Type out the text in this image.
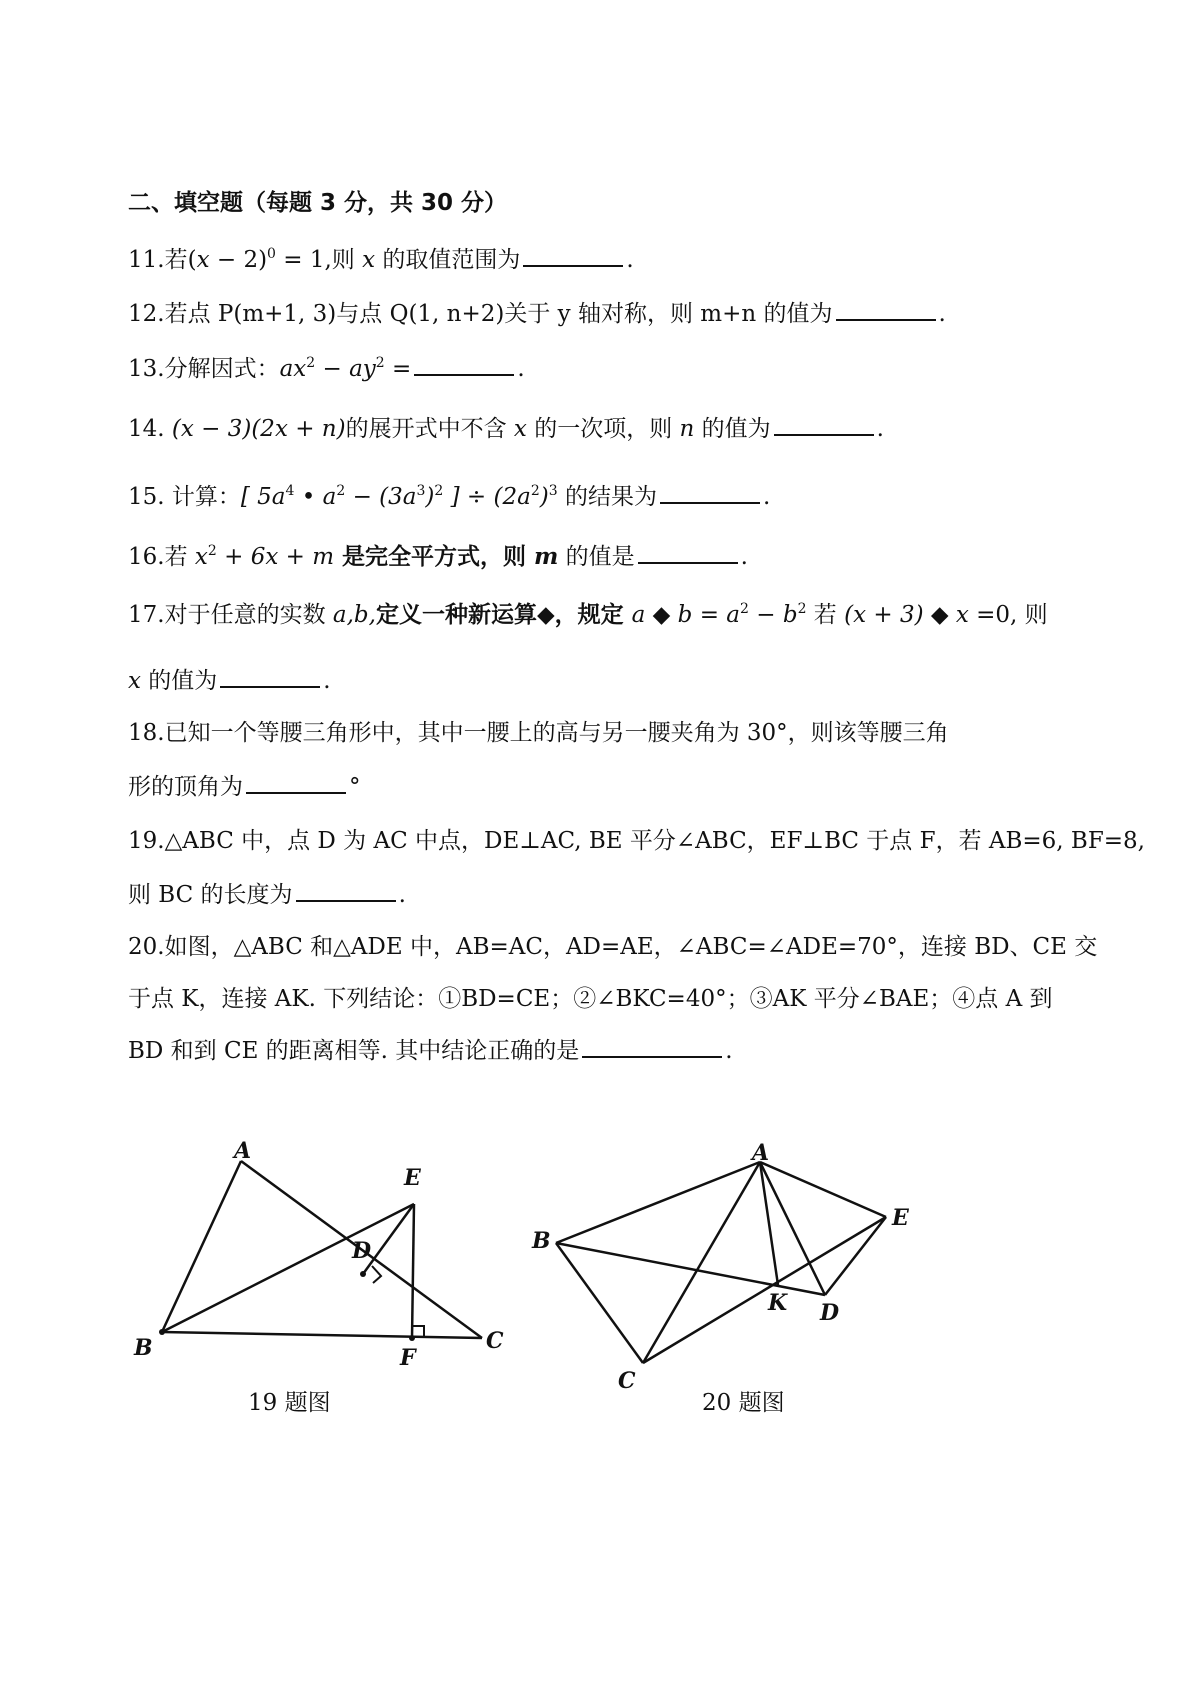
二、填空题（每题 3 分，共 30 分）
11.若$(x - 2)^0 = 1$,则 x 的取值范围为	.
12.若点 P(m+1, 3)与点 Q(1, n+2)关于 y 轴对称，则 m+n 的值为	.
13.分解因式：$ax^2 - ay^2$ =	.
14. (x − 3)(2x + n)的展开式中不含 x 的一次项，则 n 的值为	.
15. 计算：[ $5a^4$ • $a^2 - (3a^3)^2$ ] ÷ $(2a^2)^3$ 的结果为	.
16.若 $x^2 + 6x + m$ 是完全平方式，则 m 的值是	.
17.对于任意的实数 a,b,定义一种新运算◆，规定 a ◆ $b = a^2 - b^2$ 若 (x + 3) ◆ x =0, 则
x 的值为	.
18.已知一个等腰三角形中，其中一腰上的高与另一腰夹角为 30°，则该等腰三角
形的顶角为	°
19.△ABC 中，点 D 为 AC 中点，DE⊥AC, BE 平分∠ABC，EF⊥BC 于点 F，若 AB=6, BF=8,
则 BC 的长度为	.
20.如图，△ABC 和△ADE 中，AB=AC，AD=AE，∠ABC=∠ADE=70°，连接 BD、CE 交
于点 K，连接 AK. 下列结论：①BD=CE；②∠BKC=40°；③AK 平分∠BAE；④点 A 到
BD 和到 CE 的距离相等. 其中结论正确的是	.
A
B	C
D
E
F
19 题图
A
B
C
D
E
K
20 题图
